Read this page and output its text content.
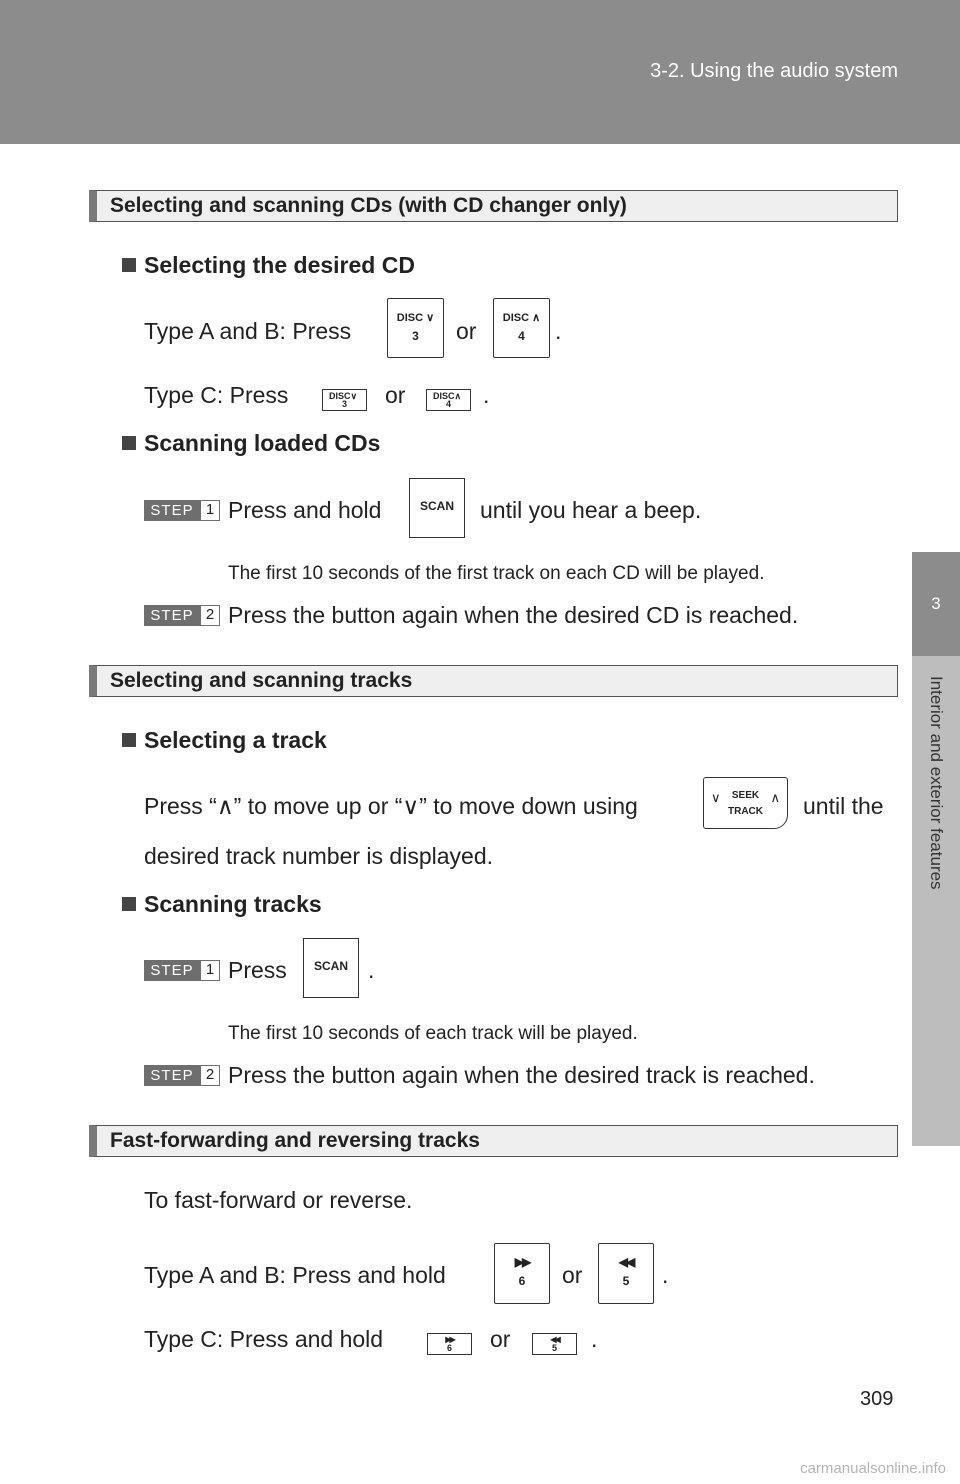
3-2. Using the audio system
3
Interior and exterior features
Selecting and scanning CDs (with CD changer only)
Selecting the desired CD
Type A and B: Press	DISC ∨
3	or	DISC ∧
4	.
Type C: Press	DISC∨
3	or	DISC∧
4	.
Scanning loaded CDs
STEP 1 Press and hold	SCAN	until you hear a beep.
The first 10 seconds of the first track on each CD will be played.
STEP 2 Press the button again when the desired CD is reached.
Selecting and scanning tracks
Selecting a track
Press “∧” to move up or “∨” to move down using	∨	SEEK
TRACK
∧ until the
desired track number is displayed.
Scanning tracks
STEP 1 Press	SCAN .
The first 10 seconds of each track will be played.
STEP 2 Press the button again when the desired track is reached.
Fast-forwarding and reversing tracks
To fast-forward or reverse.
Type A and B: Press and hold	▶▶
6	or	◀◀
5	.
Type C: Press and hold	▶▶
6	or	◀◀
5	.
309
carmanualsonline.info
